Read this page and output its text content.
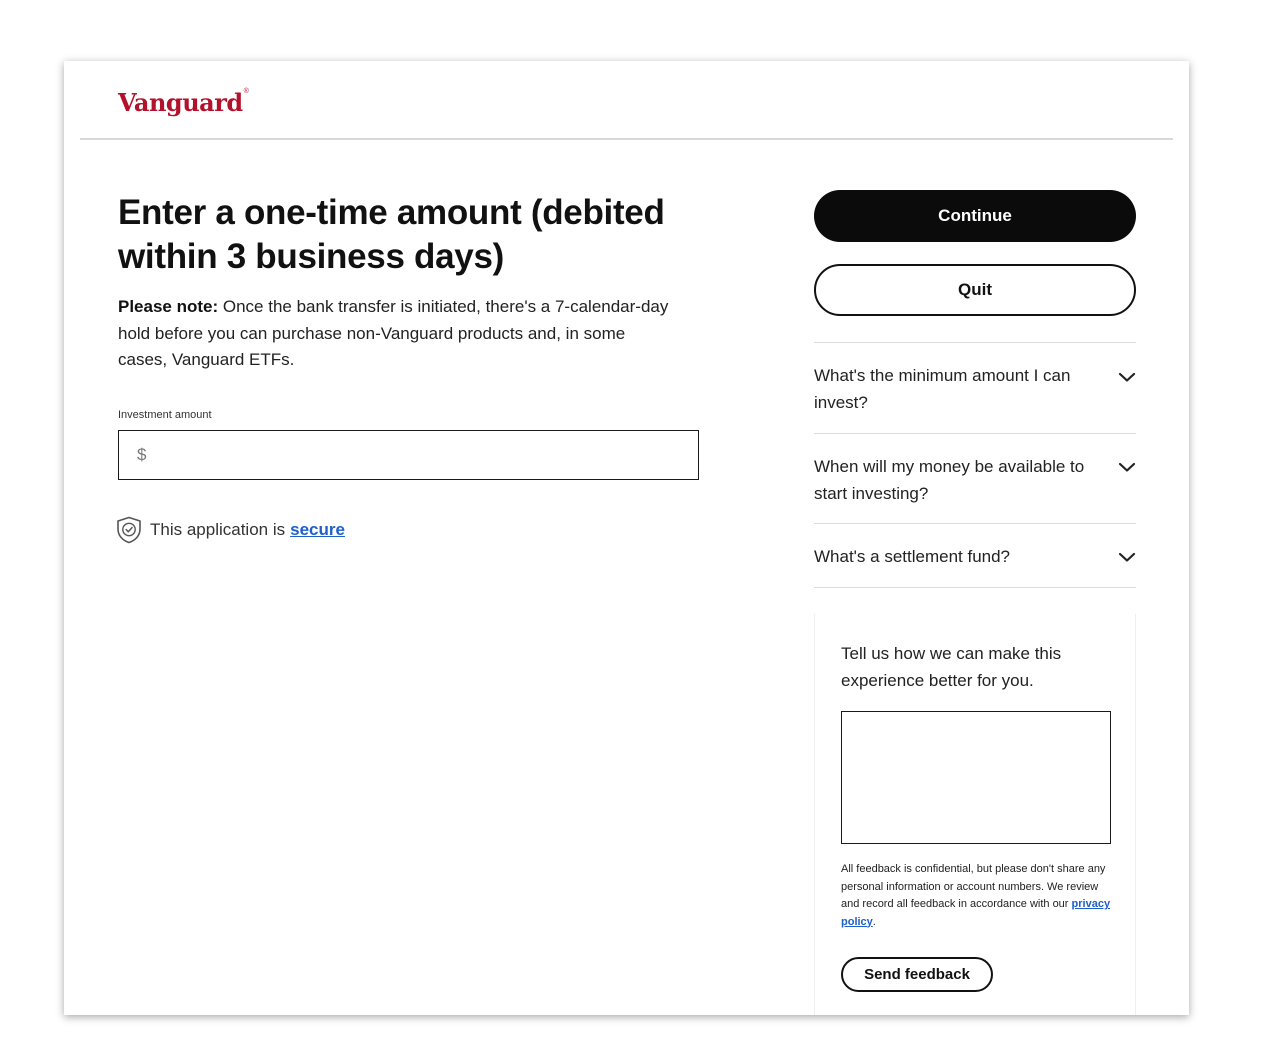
Vanguard®
Enter a one-time amount (debited within 3 business days)
Please note: Once the bank transfer is initiated, there's a 7-calendar-day hold before you can purchase non-Vanguard products and, in some cases, Vanguard ETFs.
Investment amount
$
This application is secure
Continue
Quit
What's the minimum amount I can invest?
When will my money be available to start investing?
What's a settlement fund?
Tell us how we can make this experience better for you.
All feedback is confidential, but please don't share any personal information or account numbers. We review and record all feedback in accordance with our privacy policy.
Send feedback
